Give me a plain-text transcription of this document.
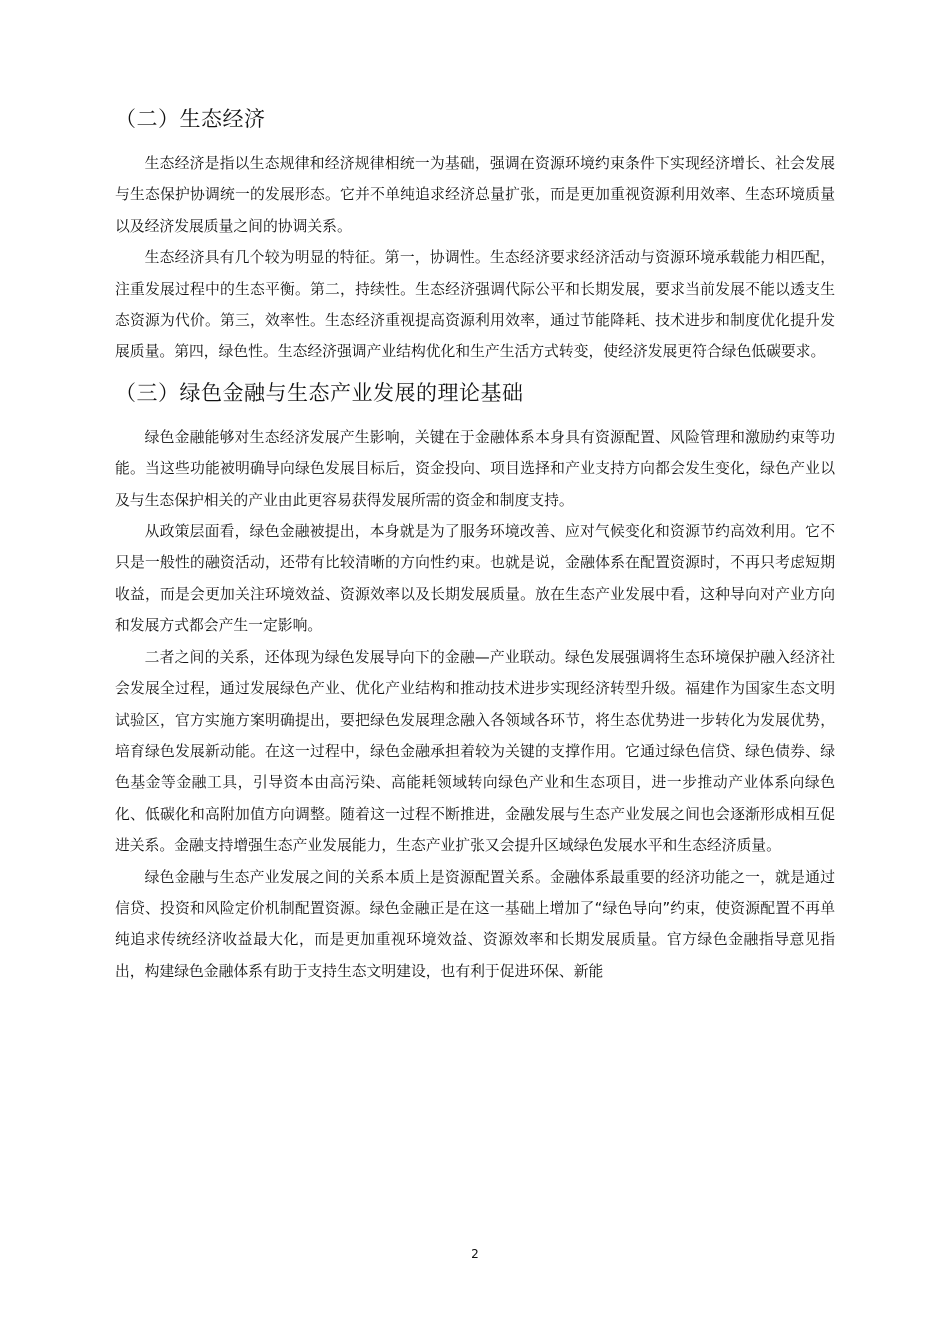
（二）生态经济

生态经济是指以生态规律和经济规律相统一为基础，强调在资源环境约束条件下实现经济增长、社会发展与生态保护协调统一的发展形态。它并不单纯追求经济总量扩张，而是更加重视资源利用效率、生态环境质量以及经济发展质量之间的协调关系。

生态经济具有几个较为明显的特征。第一，协调性。生态经济要求经济活动与资源环境承载能力相匹配，注重发展过程中的生态平衡。第二，持续性。生态经济强调代际公平和长期发展，要求当前发展不能以透支生态资源为代价。第三，效率性。生态经济重视提高资源利用效率，通过节能降耗、技术进步和制度优化提升发展质量。第四，绿色性。生态经济强调产业结构优化和生产生活方式转变，使经济发展更符合绿色低碳要求。

（三）绿色金融与生态产业发展的理论基础

绿色金融能够对生态经济发展产生影响，关键在于金融体系本身具有资源配置、风险管理和激励约束等功能。当这些功能被明确导向绿色发展目标后，资金投向、项目选择和产业支持方向都会发生变化，绿色产业以及与生态保护相关的产业由此更容易获得发展所需的资金和制度支持。

从政策层面看，绿色金融被提出，本身就是为了服务环境改善、应对气候变化和资源节约高效利用。它不只是一般性的融资活动，还带有比较清晰的方向性约束。也就是说，金融体系在配置资源时，不再只考虑短期收益，而是会更加关注环境效益、资源效率以及长期发展质量。放在生态产业发展中看，这种导向对产业方向和发展方式都会产生一定影响。

二者之间的关系，还体现为绿色发展导向下的金融—产业联动。绿色发展强调将生态环境保护融入经济社会发展全过程，通过发展绿色产业、优化产业结构和推动技术进步实现经济转型升级。福建作为国家生态文明试验区，官方实施方案明确提出，要把绿色发展理念融入各领域各环节，将生态优势进一步转化为发展优势，培育绿色发展新动能。在这一过程中，绿色金融承担着较为关键的支撑作用。它通过绿色信贷、绿色债券、绿色基金等金融工具，引导资本由高污染、高能耗领域转向绿色产业和生态项目，进一步推动产业体系向绿色化、低碳化和高附加值方向调整。随着这一过程不断推进，金融发展与生态产业发展之间也会逐渐形成相互促进关系。金融支持增强生态产业发展能力，生态产业扩张又会提升区域绿色发展水平和生态经济质量。

绿色金融与生态产业发展之间的关系本质上是资源配置关系。金融体系最重要的经济功能之一，就是通过信贷、投资和风险定价机制配置资源。绿色金融正是在这一基础上增加了“绿色导向”约束，使资源配置不再单纯追求传统经济收益最大化，而是更加重视环境效益、资源效率和长期发展质量。官方绿色金融指导意见指出，构建绿色金融体系有助于支持生态文明建设，也有利于促进环保、新能

2
